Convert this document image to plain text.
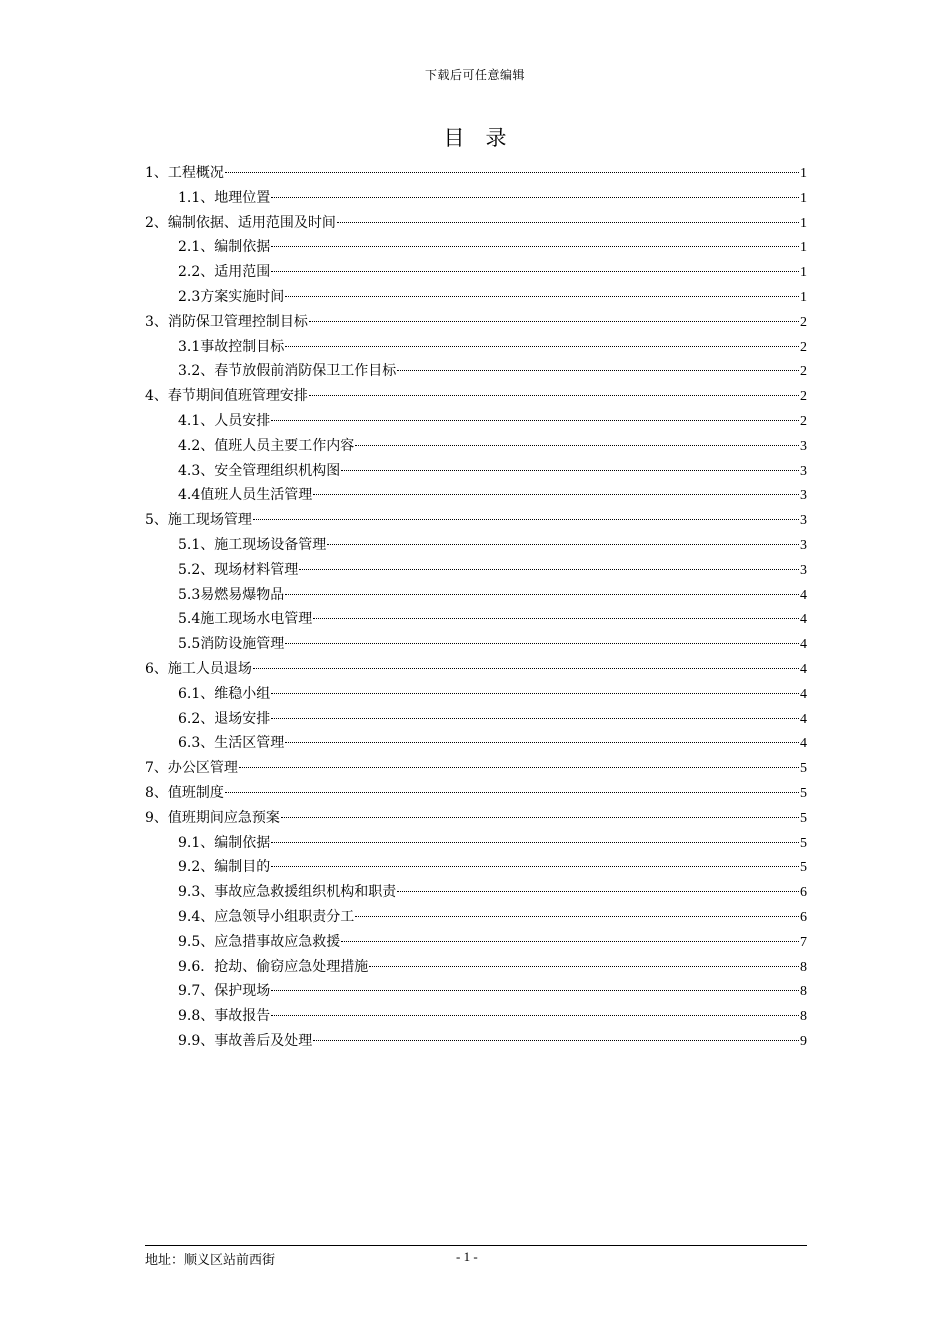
下载后可任意编辑
目　录
1、工程概况	1
1.1、地理位置	1
2、编制依据、适用范围及时间	1
2.1、编制依据	1
2.2、适用范围	1
2.3方案实施时间	1
3、消防保卫管理控制目标	2
3.1事故控制目标	2
3.2、春节放假前消防保卫工作目标	2
4、春节期间值班管理安排	2
4.1、人员安排	2
4.2、值班人员主要工作内容	3
4.3、安全管理组织机构图	3
4.4值班人员生活管理	3
5、施工现场管理	3
5.1、施工现场设备管理	3
5.2、现场材料管理	3
5.3易燃易爆物品	4
5.4施工现场水电管理	4
5.5消防设施管理	4
6、施工人员退场	4
6.1、维稳小组	4
6.2、退场安排	4
6.3、生活区管理	4
7、办公区管理	5
8、值班制度	5
9、值班期间应急预案	5
9.1、编制依据	5
9.2、编制目的	5
9.3、事故应急救援组织机构和职责	6
9.4、应急领导小组职责分工	6
9.5、应急措事故应急救援	7
9.6．抢劫、偷窃应急处理措施	8
9.7、保护现场	8
9.8、事故报告	8
9.9、事故善后及处理	9
地址：顺义区站前西街	- 1 -
